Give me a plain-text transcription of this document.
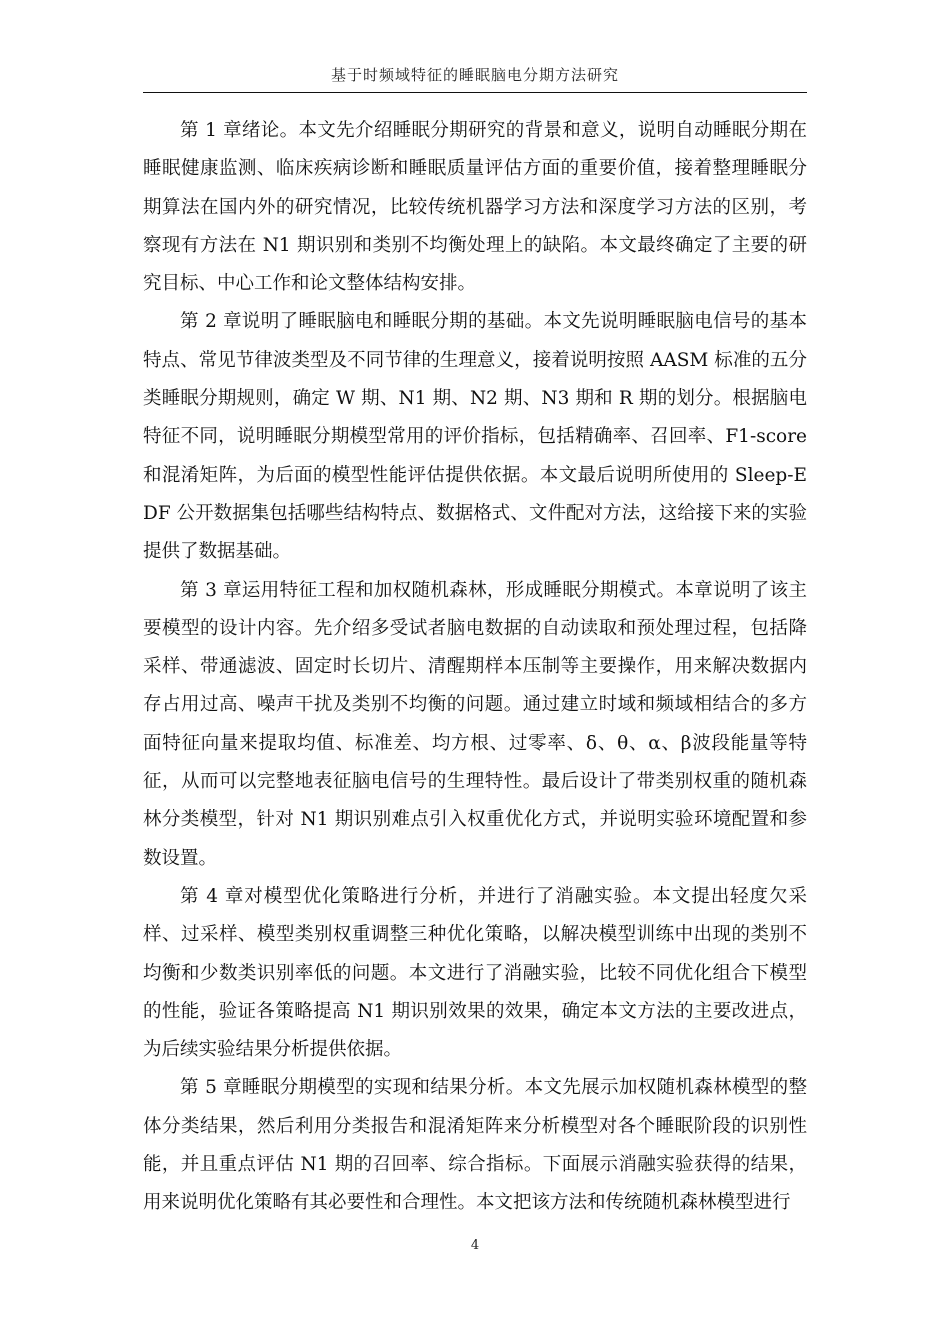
基于时频域特征的睡眠脑电分期方法研究

第 1 章绪论。本文先介绍睡眠分期研究的背景和意义，说明自动睡眠分期在睡眠健康监测、临床疾病诊断和睡眠质量评估方面的重要价值，接着整理睡眠分期算法在国内外的研究情况，比较传统机器学习方法和深度学习方法的区别，考察现有方法在 N1 期识别和类别不均衡处理上的缺陷。本文最终确定了主要的研究目标、中心工作和论文整体结构安排。

第 2 章说明了睡眠脑电和睡眠分期的基础。本文先说明睡眠脑电信号的基本特点、常见节律波类型及不同节律的生理意义，接着说明按照 AASM 标准的五分类睡眠分期规则，确定 W 期、N1 期、N2 期、N3 期和 R 期的划分。根据脑电特征不同，说明睡眠分期模型常用的评价指标，包括精确率、召回率、F1-score 和混淆矩阵，为后面的模型性能评估提供依据。本文最后说明所使用的 Sleep-EDF 公开数据集包括哪些结构特点、数据格式、文件配对方法，这给接下来的实验提供了数据基础。

第 3 章运用特征工程和加权随机森林，形成睡眠分期模式。本章说明了该主要模型的设计内容。先介绍多受试者脑电数据的自动读取和预处理过程，包括降采样、带通滤波、固定时长切片、清醒期样本压制等主要操作，用来解决数据内存占用过高、噪声干扰及类别不均衡的问题。通过建立时域和频域相结合的多方面特征向量来提取均值、标准差、均方根、过零率、δ、θ、α、β波段能量等特征，从而可以完整地表征脑电信号的生理特性。最后设计了带类别权重的随机森林分类模型，针对 N1 期识别难点引入权重优化方式，并说明实验环境配置和参数设置。

第 4 章对模型优化策略进行分析，并进行了消融实验。本文提出轻度欠采样、过采样、模型类别权重调整三种优化策略，以解决模型训练中出现的类别不均衡和少数类识别率低的问题。本文进行了消融实验，比较不同优化组合下模型的性能，验证各策略提高 N1 期识别效果的效果，确定本文方法的主要改进点，为后续实验结果分析提供依据。

第 5 章睡眠分期模型的实现和结果分析。本文先展示加权随机森林模型的整体分类结果，然后利用分类报告和混淆矩阵来分析模型对各个睡眠阶段的识别性能，并且重点评估 N1 期的召回率、综合指标。下面展示消融实验获得的结果，用来说明优化策略有其必要性和合理性。本文把该方法和传统随机森林模型进行

4
